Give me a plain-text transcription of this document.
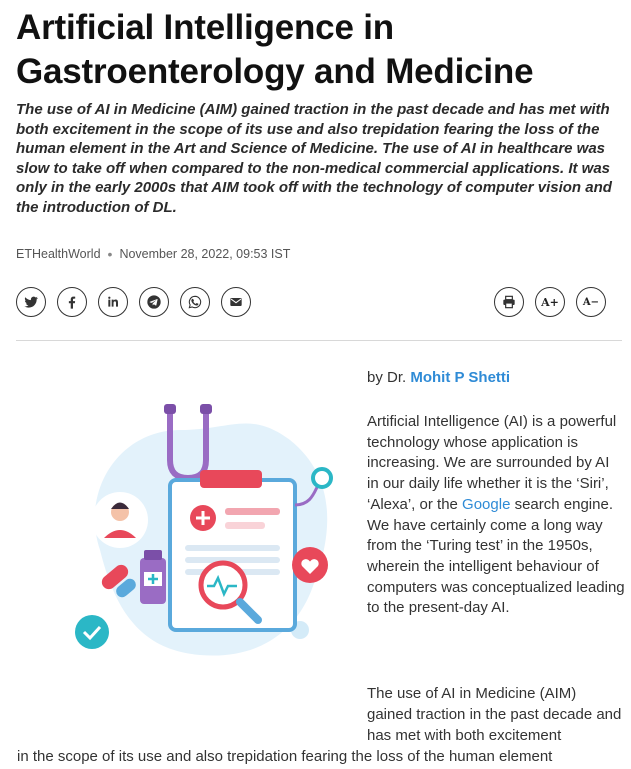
Artificial Intelligence in Gastroenterology and Medicine

The use of AI in Medicine (AIM) gained traction in the past decade and has met with both excitement in the scope of its use and also trepidation fearing the loss of the human element in the Art and Science of Medicine. The use of AI in healthcare was slow to take off when compared to the non-medical commercial applications. It was only in the early 2000s that AIM took off with the technology of computer vision and the introduction of DL.

ETHealthWorld • November 28, 2022, 09:53 IST
A+ A−
by Dr. Mohit P Shetti

Artificial Intelligence (AI) is a powerful technology whose application is increasing. We are surrounded by AI in our daily life whether it is the ‘Siri’, ‘Alexa’, or the Google search engine. We have certainly come a long way from the ‘Turing test’ in the 1950s, wherein the intelligent behaviour of computers was conceptualized leading to the present-day AI.

The use of AI in Medicine (AIM) gained traction in the past decade and has met with both excitement

in the scope of its use and also trepidation fearing the loss of the human element
